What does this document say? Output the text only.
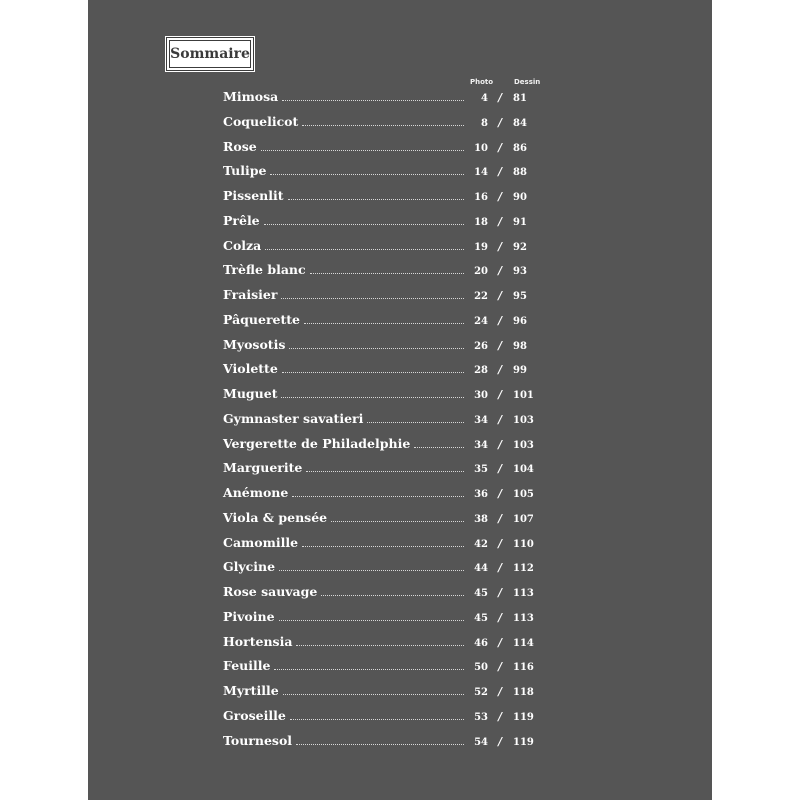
Sommaire
Photo	Dessin
Mimosa	4 /	81
Coquelicot	8 /	84
Rose	10 /	86
Tulipe	14 /	88
Pissenlit	16 /	90
Prêle	18 /	91
Colza	19 /	92
Trèfle blanc	20 /	93
Fraisier	22 /	95
Pâquerette	24 /	96
Myosotis	26 /	98
Violette	28 /	99
Muguet	30 /	101
Gymnaster savatieri	34 /	103
Vergerette de Philadelphie	34 /	103
Marguerite	35 /	104
Anémone	36 /	105
Viola & pensée	38 /	107
Camomille	42 /	110
Glycine	44 /	112
Rose sauvage	45 /	113
Pivoine	45 /	113
Hortensia	46 /	114
Feuille	50 /	116
Myrtille	52 /	118
Groseille	53 /	119
Tournesol	54 /	119
